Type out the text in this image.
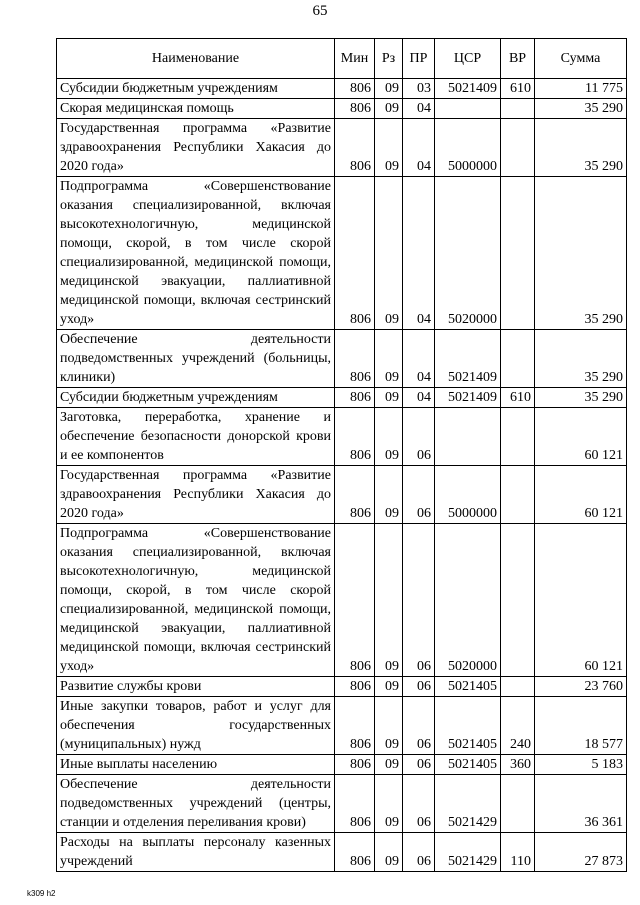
65
Наименование	Мин	Рз	ПР	ЦСР	ВР	Сумма
Субсидии бюджетным учреждениям	806	09	03	5021409	610	11 775
Скорая медицинская помощь	806	09	04			35 290
Государственная программа «Развитие здравоохранения Республики Хакасия до 2020 года»	806	09	04	5000000		35 290
Подпрограмма «Совершенствование оказания специализированной, включая высокотехнологичную, медицинской помощи, скорой, в том числе скорой специализированной, медицинской помощи, медицинской эвакуации, паллиативной медицинской помощи, включая сестринский уход»	806	09	04	5020000		35 290
Обеспечение деятельности подведомственных учреждений (больницы, клиники)	806	09	04	5021409		35 290
Субсидии бюджетным учреждениям	806	09	04	5021409	610	35 290
Заготовка, переработка, хранение и обеспечение безопасности донорской крови и ее компонентов	806	09	06			60 121
Государственная программа «Развитие здравоохранения Республики Хакасия до 2020 года»	806	09	06	5000000		60 121
Подпрограмма «Совершенствование оказания специализированной, включая высокотехнологичную, медицинской помощи, скорой, в том числе скорой специализированной, медицинской помощи, медицинской эвакуации, паллиативной медицинской помощи, включая сестринский уход»	806	09	06	5020000		60 121
Развитие службы крови	806	09	06	5021405		23 760
Иные закупки товаров, работ и услуг для обеспечения государственных (муниципальных) нужд	806	09	06	5021405	240	18 577
Иные выплаты населению	806	09	06	5021405	360	5 183
Обеспечение деятельности подведомственных учреждений (центры, станции и отделения переливания крови)	806	09	06	5021429		36 361
Расходы на выплаты персоналу казенных учреждений	806	09	06	5021429	110	27 873
k309 h2
